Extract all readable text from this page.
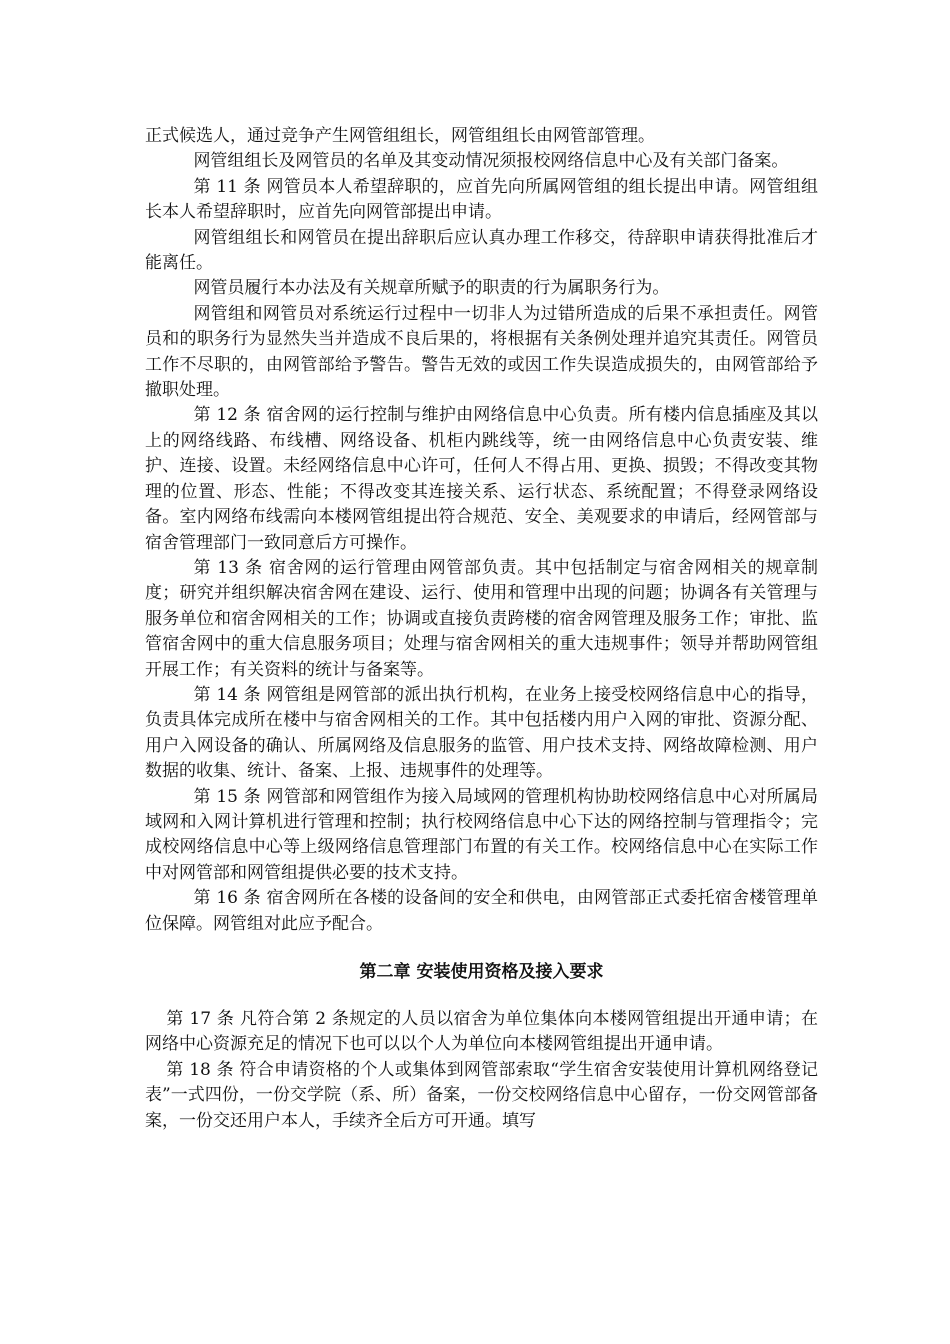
正式候选人，通过竞争产生网管组组长，网管组组长由网管部管理。

网管组组长及网管员的名单及其变动情况须报校网络信息中心及有关部门备案。

第 11 条 网管员本人希望辞职的，应首先向所属网管组的组长提出申请。网管组组长本人希望辞职时，应首先向网管部提出申请。

网管组组长和网管员在提出辞职后应认真办理工作移交，待辞职申请获得批准后才能离任。

网管员履行本办法及有关规章所赋予的职责的行为属职务行为。

网管组和网管员对系统运行过程中一切非人为过错所造成的后果不承担责任。网管员和的职务行为显然失当并造成不良后果的，将根据有关条例处理并追究其责任。网管员工作不尽职的，由网管部给予警告。警告无效的或因工作失误造成损失的，由网管部给予撤职处理。

第 12 条 宿舍网的运行控制与维护由网络信息中心负责。所有楼内信息插座及其以上的网络线路、布线槽、网络设备、机柜内跳线等，统一由网络信息中心负责安装、维护、连接、设置。未经网络信息中心许可，任何人不得占用、更换、损毁；不得改变其物理的位置、形态、性能；不得改变其连接关系、运行状态、系统配置；不得登录网络设备。室内网络布线需向本楼网管组提出符合规范、安全、美观要求的申请后，经网管部与宿舍管理部门一致同意后方可操作。

第 13 条 宿舍网的运行管理由网管部负责。其中包括制定与宿舍网相关的规章制度；研究并组织解决宿舍网在建设、运行、使用和管理中出现的问题；协调各有关管理与服务单位和宿舍网相关的工作；协调或直接负责跨楼的宿舍网管理及服务工作；审批、监管宿舍网中的重大信息服务项目；处理与宿舍网相关的重大违规事件；领导并帮助网管组开展工作；有关资料的统计与备案等。

第 14 条 网管组是网管部的派出执行机构，在业务上接受校网络信息中心的指导，负责具体完成所在楼中与宿舍网相关的工作。其中包括楼内用户入网的审批、资源分配、用户入网设备的确认、所属网络及信息服务的监管、用户技术支持、网络故障检测、用户数据的收集、统计、备案、上报、违规事件的处理等。

第 15 条 网管部和网管组作为接入局域网的管理机构协助校网络信息中心对所属局域网和入网计算机进行管理和控制；执行校网络信息中心下达的网络控制与管理指令；完成校网络信息中心等上级网络信息管理部门布置的有关工作。校网络信息中心在实际工作中对网管部和网管组提供必要的技术支持。

第 16 条 宿舍网所在各楼的设备间的安全和供电，由网管部正式委托宿舍楼管理单位保障。网管组对此应予配合。

第二章 安装使用资格及接入要求

第 17 条 凡符合第 2 条规定的人员以宿舍为单位集体向本楼网管组提出开通申请；在网络中心资源充足的情况下也可以以个人为单位向本楼网管组提出开通申请。

第 18 条 符合申请资格的个人或集体到网管部索取“学生宿舍安装使用计算机网络登记表”一式四份，一份交学院（系、所）备案，一份交校网络信息中心留存，一份交网管部备案，一份交还用户本人，手续齐全后方可开通。填写
